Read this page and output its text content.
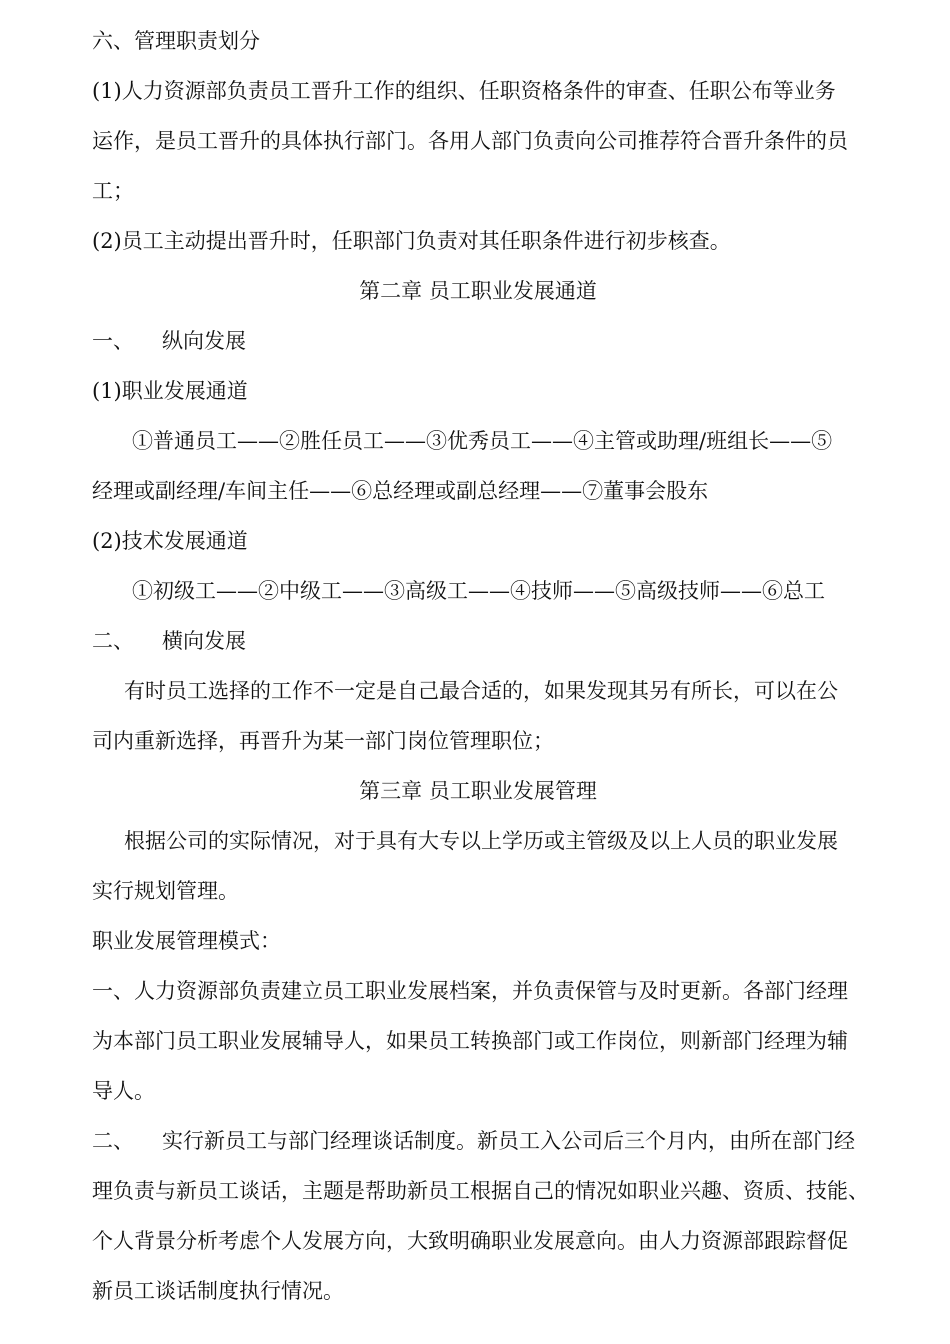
六、管理职责划分
(1)人力资源部负责员工晋升工作的组织、任职资格条件的审查、任职公布等业务
运作，是员工晋升的具体执行部门。各用人部门负责向公司推荐符合晋升条件的员
工；
(2)员工主动提出晋升时，任职部门负责对其任职条件进行初步核查。
第二章 员工职业发展通道
一、 纵向发展
(1)职业发展通道
①普通员工——②胜任员工——③优秀员工——④主管或助理/班组长——⑤
经理或副经理/车间主任——⑥总经理或副总经理——⑦董事会股东
(2)技术发展通道
①初级工——②中级工——③高级工——④技师——⑤高级技师——⑥总工
二、 横向发展
有时员工选择的工作不一定是自己最合适的，如果发现其另有所长，可以在公
司内重新选择，再晋升为某一部门岗位管理职位；
第三章 员工职业发展管理
根据公司的实际情况，对于具有大专以上学历或主管级及以上人员的职业发展
实行规划管理。
职业发展管理模式：
一、人力资源部负责建立员工职业发展档案，并负责保管与及时更新。各部门经理
为本部门员工职业发展辅导人，如果员工转换部门或工作岗位，则新部门经理为辅
导人。
二、 实行新员工与部门经理谈话制度。新员工入公司后三个月内，由所在部门经
理负责与新员工谈话，主题是帮助新员工根据自己的情况如职业兴趣、资质、技能、
个人背景分析考虑个人发展方向，大致明确职业发展意向。由人力资源部跟踪督促
新员工谈话制度执行情况。
